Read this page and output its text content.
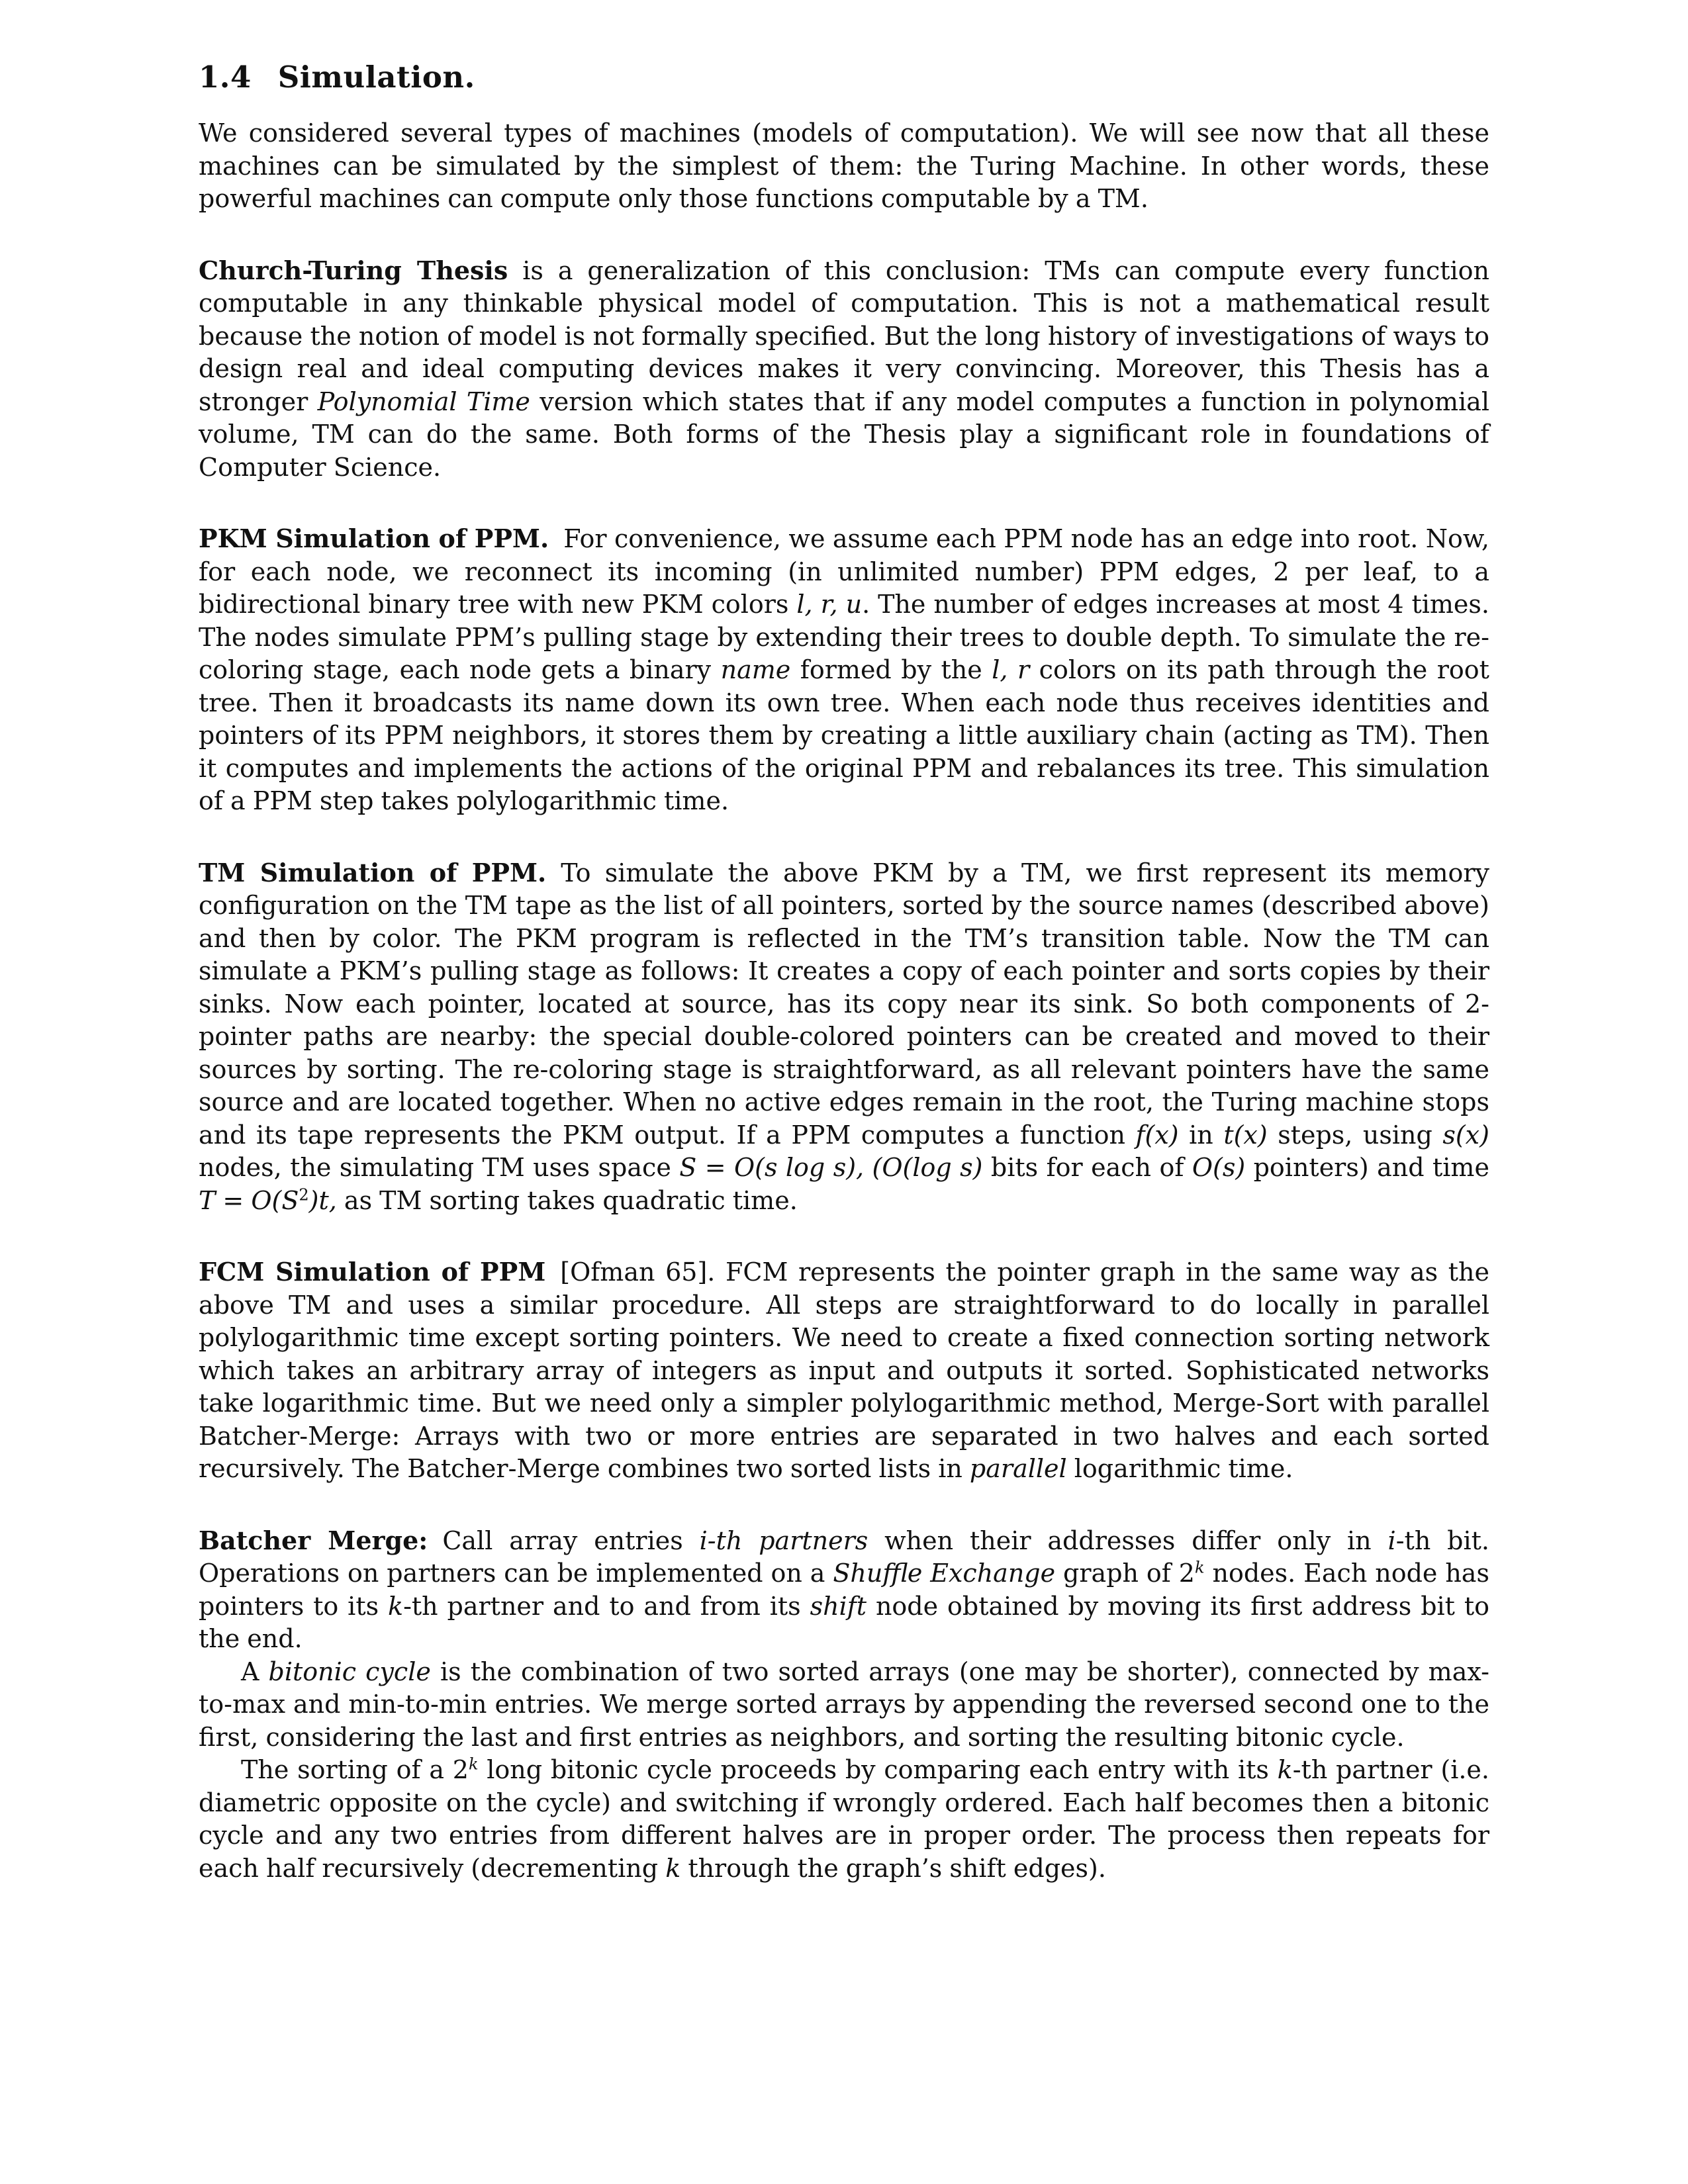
1.4 Simulation.

We considered several types of machines (models of computation). We will see now that all these machines can be simulated by the simplest of them: the Turing Machine. In other words, these powerful machines can compute only those functions computable by a TM.

Church-Turing Thesis is a generalization of this conclusion: TMs can compute every function computable in any thinkable physical model of computation. This is not a mathematical result because the notion of model is not formally specified. But the long history of investigations of ways to design real and ideal computing devices makes it very convincing. Moreover, this Thesis has a stronger Polynomial Time version which states that if any model computes a function in polynomial volume, TM can do the same. Both forms of the Thesis play a significant role in foundations of Computer Science.

PKM Simulation of PPM. For convenience, we assume each PPM node has an edge into root. Now, for each node, we reconnect its incoming (in unlimited number) PPM edges, 2 per leaf, to a bidirectional binary tree with new PKM colors l, r, u. The number of edges increases at most 4 times. The nodes simulate PPM’s pulling stage by extending their trees to double depth. To simulate the re-coloring stage, each node gets a binary name formed by the l, r colors on its path through the root tree. Then it broadcasts its name down its own tree. When each node thus receives identities and pointers of its PPM neighbors, it stores them by creating a little auxiliary chain (acting as TM). Then it computes and implements the actions of the original PPM and rebalances its tree. This simulation of a PPM step takes polylogarithmic time.

TM Simulation of PPM. To simulate the above PKM by a TM, we first represent its memory configuration on the TM tape as the list of all pointers, sorted by the source names (described above) and then by color. The PKM program is reflected in the TM’s transition table. Now the TM can simulate a PKM’s pulling stage as follows: It creates a copy of each pointer and sorts copies by their sinks. Now each pointer, located at source, has its copy near its sink. So both components of 2-pointer paths are nearby: the special double-colored pointers can be created and moved to their sources by sorting. The re-coloring stage is straightforward, as all relevant pointers have the same source and are located together. When no active edges remain in the root, the Turing machine stops and its tape represents the PKM output. If a PPM computes a function f(x) in t(x) steps, using s(x) nodes, the simulating TM uses space S = O(s log s), (O(log s) bits for each of O(s) pointers) and time $T = O(S^2)t$, as TM sorting takes quadratic time.

FCM Simulation of PPM [Ofman 65]. FCM represents the pointer graph in the same way as the above TM and uses a similar procedure. All steps are straightforward to do locally in parallel polylogarithmic time except sorting pointers. We need to create a fixed connection sorting network which takes an arbitrary array of integers as input and outputs it sorted. Sophisticated networks take logarithmic time. But we need only a simpler polylogarithmic method, Merge-Sort with parallel Batcher-Merge: Arrays with two or more entries are separated in two halves and each sorted recursively. The Batcher-Merge combines two sorted lists in parallel logarithmic time.

Batcher Merge: Call array entries i-th partners when their addresses differ only in i-th bit. Operations on partners can be implemented on a Shuffle Exchange graph of 2$^k$ nodes. Each node has pointers to its k-th partner and to and from its shift node obtained by moving its first address bit to the end.

A bitonic cycle is the combination of two sorted arrays (one may be shorter), connected by max-to-max and min-to-min entries. We merge sorted arrays by appending the reversed second one to the first, considering the last and first entries as neighbors, and sorting the resulting bitonic cycle.

The sorting of a 2$^k$ long bitonic cycle proceeds by comparing each entry with its k-th partner (i.e. diametric opposite on the cycle) and switching if wrongly ordered. Each half becomes then a bitonic cycle and any two entries from different halves are in proper order. The process then repeats for each half recursively (decrementing k through the graph’s shift edges).
